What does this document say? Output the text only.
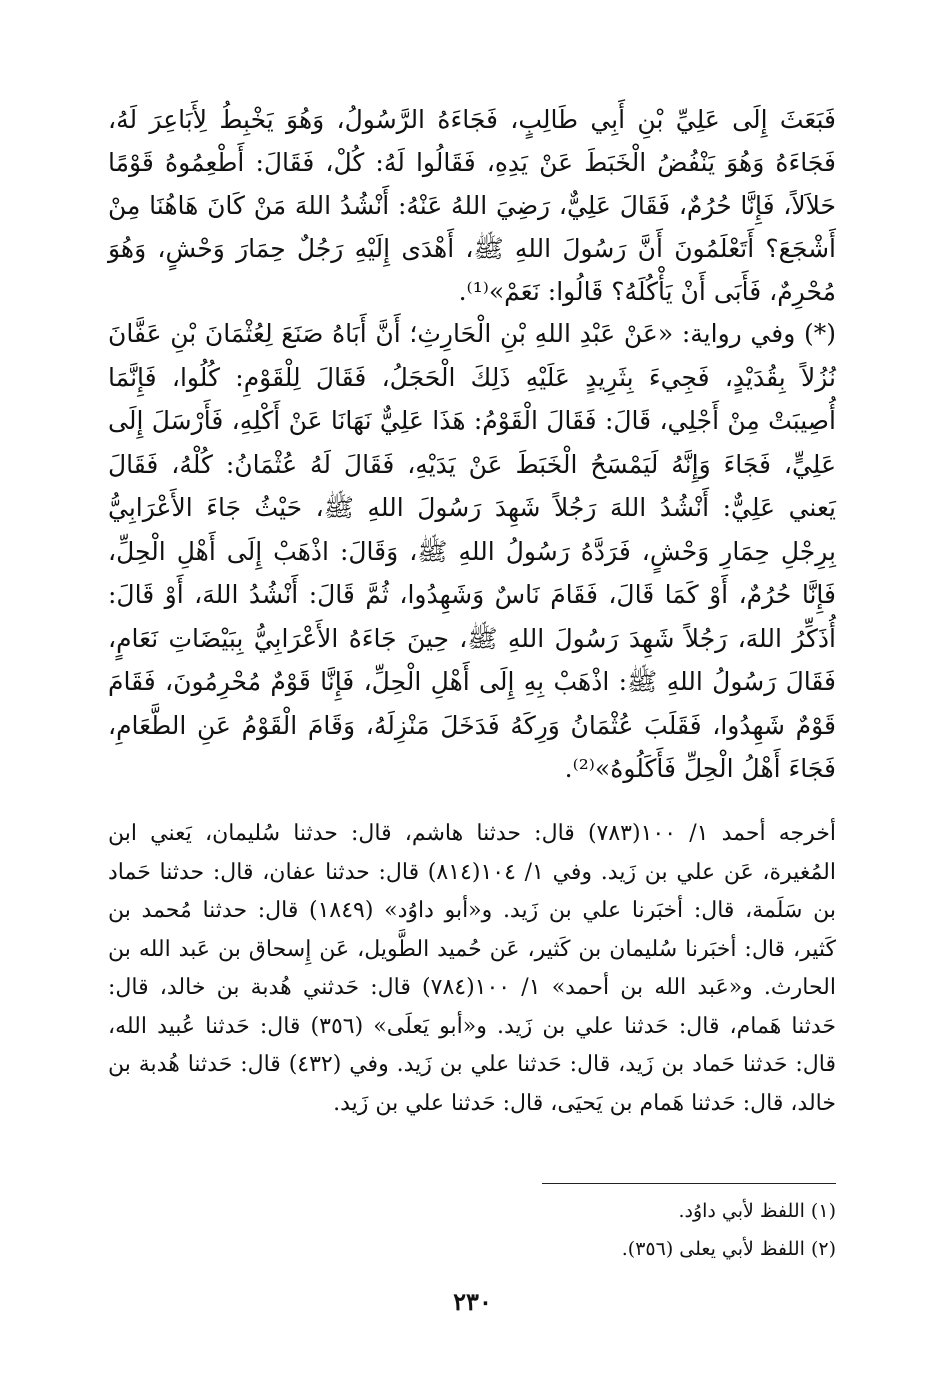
فَبَعَثَ إِلَى عَلِيِّ بْنِ أَبِي طَالِبٍ، فَجَاءَهُ الرَّسُولُ، وَهُوَ يَخْبِطُ لِأَبَاعِرَ لَهُ، فَجَاءَهُ وَهُوَ يَنْفُضُ الْخَبَطَ عَنْ يَدِهِ، فَقَالُوا لَهُ: كُلْ، فَقَالَ: أَطْعِمُوهُ قَوْمًا حَلاَلاً، فَإِنَّا حُرُمٌ، فَقَالَ عَلِيٌّ، رَضِيَ اللهُ عَنْهُ: أَنْشُدُ اللهَ مَنْ كَانَ هَاهُنَا مِنْ أَشْجَعَ؟ أَتَعْلَمُونَ أَنَّ رَسُولَ اللهِ ﷺ، أَهْدَى إِلَيْهِ رَجُلٌ حِمَارَ وَحْشٍ، وَهُوَ مُحْرِمٌ، فَأَبَى أَنْ يَأْكُلَهُ؟ قَالُوا: نَعَمْ»⁽¹⁾.

(*) وفي رواية: «عَنْ عَبْدِ اللهِ بْنِ الْحَارِثِ؛ أَنَّ أَبَاهُ صَنَعَ لِعُثْمَانَ بْنِ عَفَّانَ نُزُلاً بِقُدَيْدٍ، فَجِيءَ بِثَرِيدٍ عَلَيْهِ ذَلِكَ الْحَجَلُ، فَقَالَ لِلْقَوْمِ: كُلُوا، فَإِنَّمَا أُصِيبَتْ مِنْ أَجْلِي، قَالَ: فَقَالَ الْقَوْمُ: هَذَا عَلِيٌّ نَهَانَا عَنْ أَكْلِهِ، فَأَرْسَلَ إِلَى عَلِيٍّ، فَجَاءَ وَإِنَّهُ لَيَمْسَحُ الْخَبَطَ عَنْ يَدَيْهِ، فَقَالَ لَهُ عُثْمَانُ: كُلْهُ، فَقَالَ يَعني عَلِيٌّ: أَنْشُدُ اللهَ رَجُلاً شَهِدَ رَسُولَ اللهِ ﷺ، حَيْثُ جَاءَ الأَعْرَابِيُّ بِرِجْلِ حِمَارِ وَحْشٍ، فَرَدَّهُ رَسُولُ اللهِ ﷺ، وَقَالَ: اذْهَبْ إِلَى أَهْلِ الْحِلِّ، فَإِنَّا حُرُمٌ، أَوْ كَمَا قَالَ، فَقَامَ نَاسٌ وَشَهِدُوا، ثُمَّ قَالَ: أَنْشُدُ اللهَ، أَوْ قَالَ: أُذَكِّرُ اللهَ، رَجُلاً شَهِدَ رَسُولَ اللهِ ﷺ، حِينَ جَاءَهُ الأَعْرَابِيُّ بِبَيْضَاتِ نَعَامٍ، فَقَالَ رَسُولُ اللهِ ﷺ: اذْهَبْ بِهِ إِلَى أَهْلِ الْحِلِّ، فَإِنَّا قَوْمٌ مُحْرِمُونَ، فَقَامَ قَوْمٌ شَهِدُوا، فَقَلَبَ عُثْمَانُ وَرِكَهُ فَدَخَلَ مَنْزِلَهُ، وَقَامَ الْقَوْمُ عَنِ الطَّعَامِ، فَجَاءَ أَهْلُ الْحِلِّ فَأَكَلُوهُ»⁽²⁾.

أخرجه أحمد ١/ ١٠٠(٧٨٣) قال: حدثنا هاشم، قال: حدثنا سُليمان، يَعني ابن المُغيرة، عَن علي بن زَيد. وفي ١/ ١٠٤(٨١٤) قال: حدثنا عفان، قال: حدثنا حَماد بن سَلَمة، قال: أخبَرنا علي بن زَيد. و«أبو داوُد» (١٨٤٩) قال: حدثنا مُحمد بن كَثير، قال: أخبَرنا سُليمان بن كَثير، عَن حُميد الطَّويل، عَن إِسحاق بن عَبد الله بن الحارث. و«عَبد الله بن أحمد» ١/ ١٠٠(٧٨٤) قال: حَدثني هُدبة بن خالد، قال: حَدثنا هَمام، قال: حَدثنا علي بن زَيد. و«أبو يَعلَى» (٣٥٦) قال: حَدثنا عُبيد الله، قال: حَدثنا حَماد بن زَيد، قال: حَدثنا علي بن زَيد. وفي (٤٣٢) قال: حَدثنا هُدبة بن خالد، قال: حَدثنا هَمام بن يَحيَى، قال: حَدثنا علي بن زَيد.

(١) اللفظ لأبي داوُد.
(٢) اللفظ لأبي يعلى (٣٥٦).
٢٣٠
